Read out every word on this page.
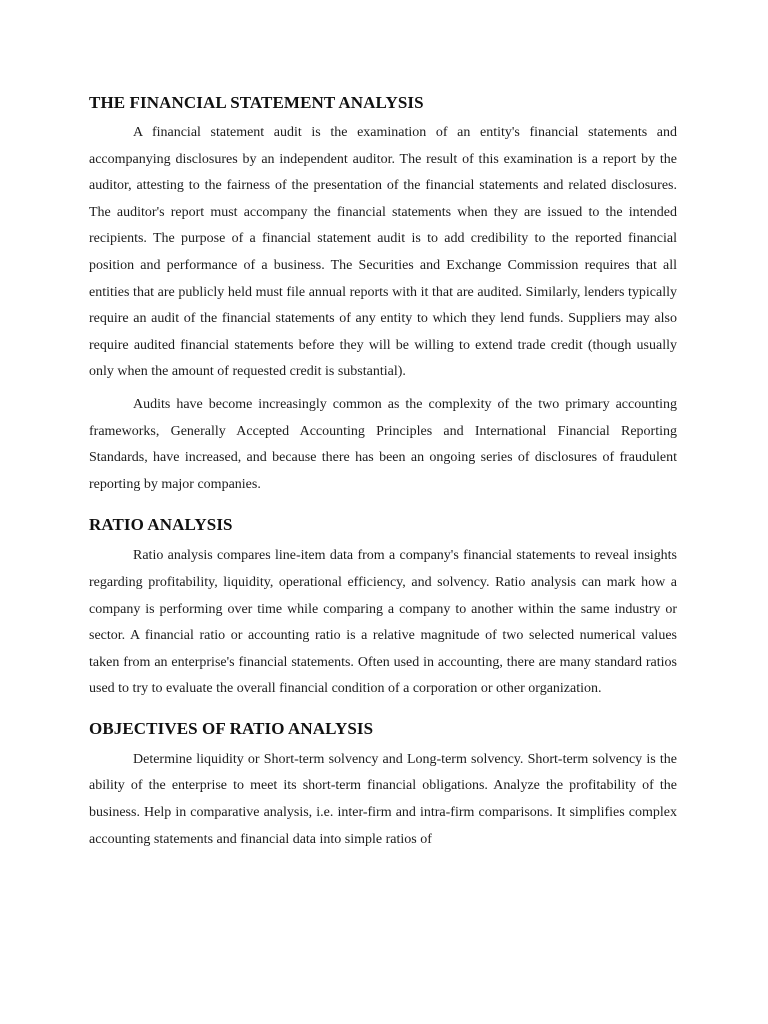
THE FINANCIAL STATEMENT ANALYSIS

A financial statement audit is the examination of an entity's financial statements and accompanying disclosures by an independent auditor. The result of this examination is a report by the auditor, attesting to the fairness of the presentation of the financial statements and related disclosures. The auditor's report must accompany the financial statements when they are issued to the intended recipients. The purpose of a financial statement audit is to add credibility to the reported financial position and performance of a business. The Securities and Exchange Commission requires that all entities that are publicly held must file annual reports with it that are audited. Similarly, lenders typically require an audit of the financial statements of any entity to which they lend funds. Suppliers may also require audited financial statements before they will be willing to extend trade credit (though usually only when the amount of requested credit is substantial).

Audits have become increasingly common as the complexity of the two primary accounting frameworks, Generally Accepted Accounting Principles and International Financial Reporting Standards, have increased, and because there has been an ongoing series of disclosures of fraudulent reporting by major companies.

RATIO ANALYSIS

Ratio analysis compares line-item data from a company's financial statements to reveal insights regarding profitability, liquidity, operational efficiency, and solvency. Ratio analysis can mark how a company is performing over time while comparing a company to another within the same industry or sector. A financial ratio or accounting ratio is a relative magnitude of two selected numerical values taken from an enterprise's financial statements. Often used in accounting, there are many standard ratios used to try to evaluate the overall financial condition of a corporation or other organization.

OBJECTIVES OF RATIO ANALYSIS

Determine liquidity or Short-term solvency and Long-term solvency. Short-term solvency is the ability of the enterprise to meet its short-term financial obligations. Analyze the profitability of the business. Help in comparative analysis, i.e. inter-firm and intra-firm comparisons. It simplifies complex accounting statements and financial data into simple ratios of
